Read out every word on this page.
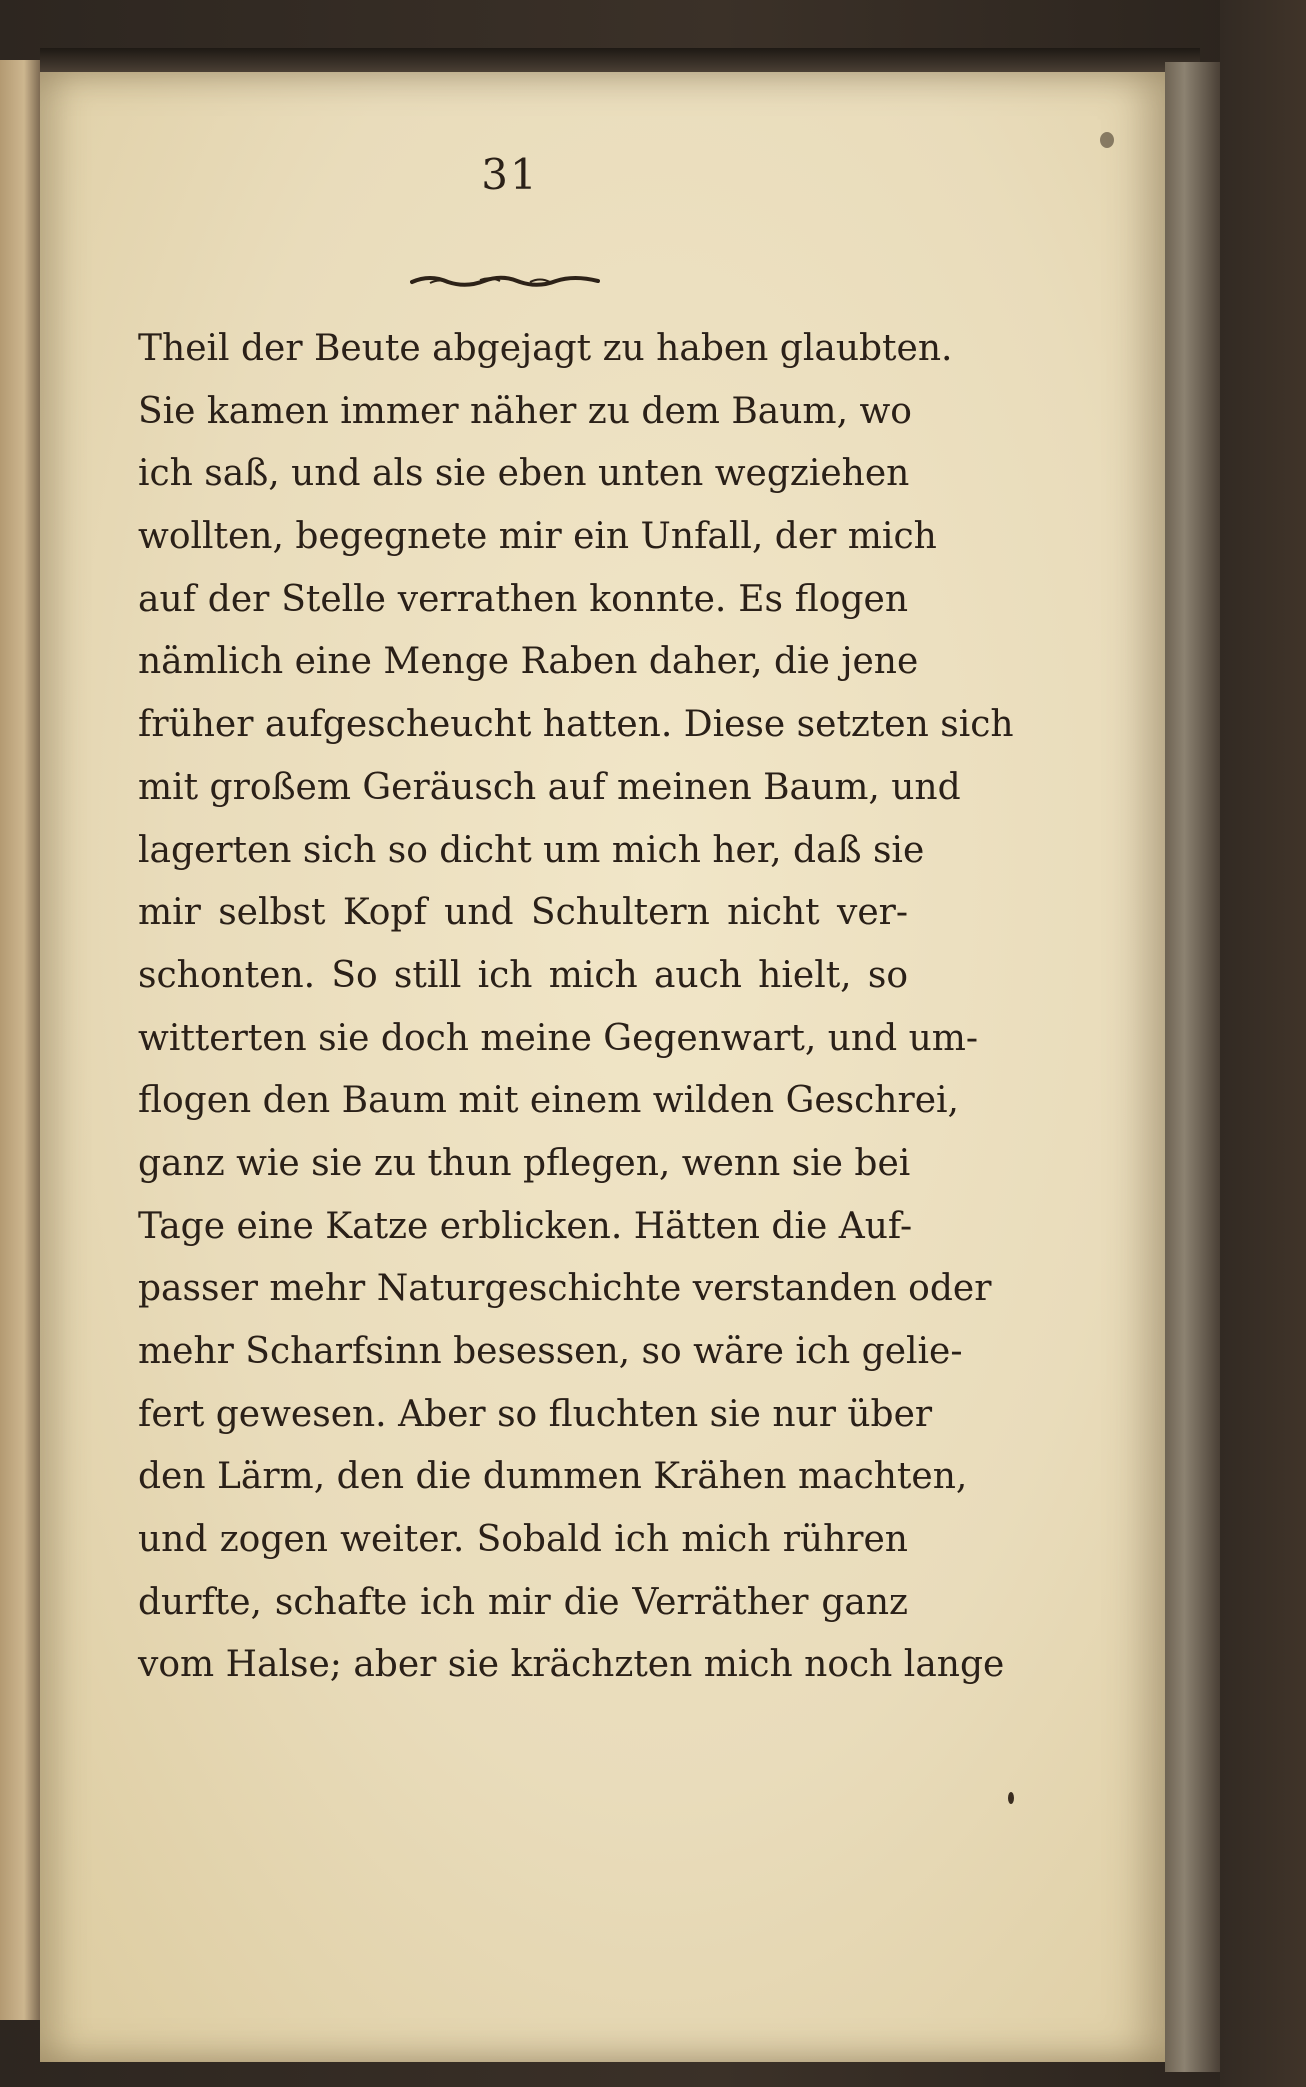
31
Theil der Beute abgejagt zu haben glaubten.
Sie kamen immer näher zu dem Baum, wo
ich saß, und als sie eben unten wegziehen
wollten, begegnete mir ein Unfall, der mich
auf der Stelle verrathen konnte. Es flogen
nämlich eine Menge Raben daher, die jene
früher aufgescheucht hatten. Diese setzten sich
mit großem Geräusch auf meinen Baum, und
lagerten sich so dicht um mich her, daß sie
mir selbst Kopf und Schultern nicht ver-
schonten. So still ich mich auch hielt, so
witterten sie doch meine Gegenwart, und um-
flogen den Baum mit einem wilden Geschrei,
ganz wie sie zu thun pflegen, wenn sie bei
Tage eine Katze erblicken. Hätten die Auf-
passer mehr Naturgeschichte verstanden oder
mehr Scharfsinn besessen, so wäre ich gelie-
fert gewesen. Aber so fluchten sie nur über
den Lärm, den die dummen Krähen machten,
und zogen weiter. Sobald ich mich rühren
durfte, schafte ich mir die Verräther ganz
vom Halse; aber sie krächzten mich noch lange
